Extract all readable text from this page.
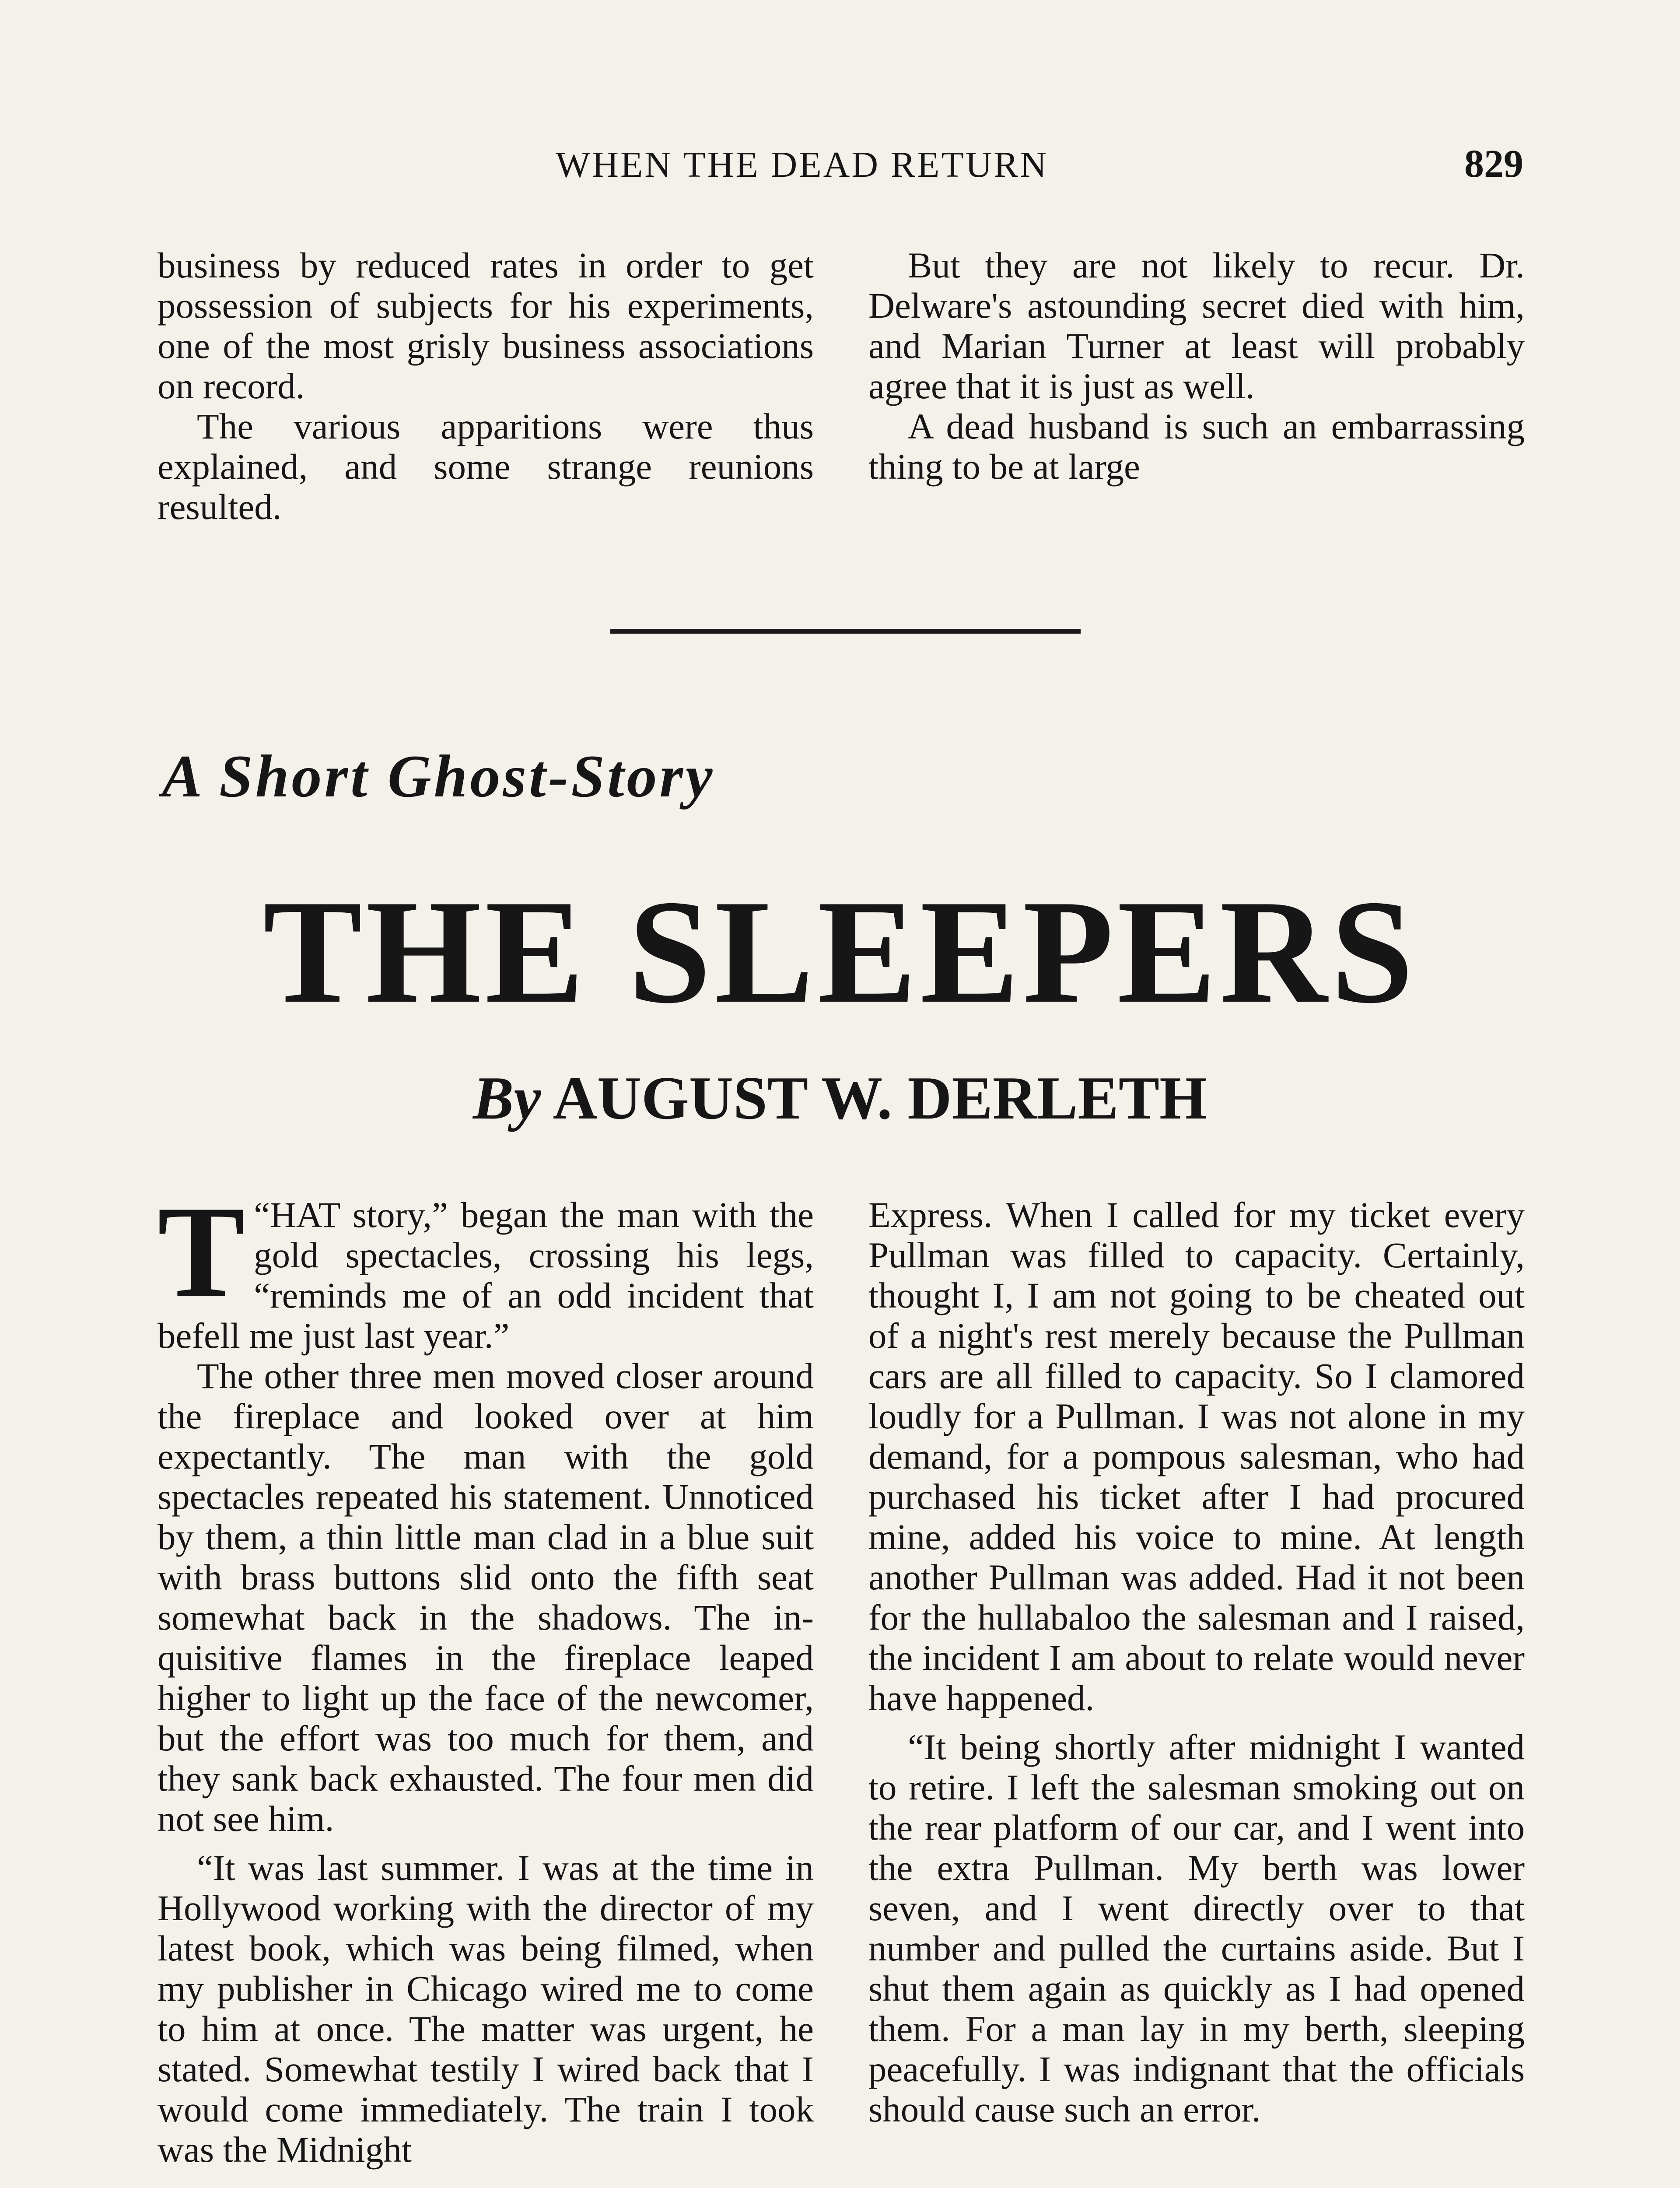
WHEN THE DEAD RETURN	829

business by reduced rates in order to get possession of subjects for his experiments, one of the most grisly business associations on record.

The various apparitions were thus explained, and some strange reunions resulted.

But they are not likely to recur. Dr. Delware's astounding secret died with him, and Marian Turner at least will probably agree that it is just as well.

A dead husband is such an embarrassing thing to be at large

A Short Ghost-Story
THE SLEEPERS
By AUGUST W. DERLETH

T “HAT story,” began the man with the gold spectacles, crossing his legs, “reminds me of an odd incident that befell me just last year.”

The other three men moved closer around the fireplace and looked over at him expectantly. The man with the gold spectacles repeated his statement. Unnoticed by them, a thin little man clad in a blue suit with brass buttons slid onto the fifth seat somewhat back in the shadows. The inquisitive flames in the fireplace leaped higher to light up the face of the newcomer, but the effort was too much for them, and they sank back exhausted. The four men did not see him.

“It was last summer. I was at the time in Hollywood working with the director of my latest book, which was being filmed, when my publisher in Chicago wired me to come to him at once. The matter was urgent, he stated. Somewhat testily I wired back that I would come immediately. The train I took was the Midnight

Express. When I called for my ticket every Pullman was filled to capacity. Certainly, thought I, I am not going to be cheated out of a night's rest merely because the Pullman cars are all filled to capacity. So I clamored loudly for a Pullman. I was not alone in my demand, for a pompous salesman, who had purchased his ticket after I had procured mine, added his voice to mine. At length another Pullman was added. Had it not been for the hullabaloo the salesman and I raised, the incident I am about to relate would never have happened.

“It being shortly after midnight I wanted to retire. I left the salesman smoking out on the rear platform of our car, and I went into the extra Pullman. My berth was lower seven, and I went directly over to that number and pulled the curtains aside. But I shut them again as quickly as I had opened them. For a man lay in my berth, sleeping peacefully. I was indignant that the officials should cause such an error.
